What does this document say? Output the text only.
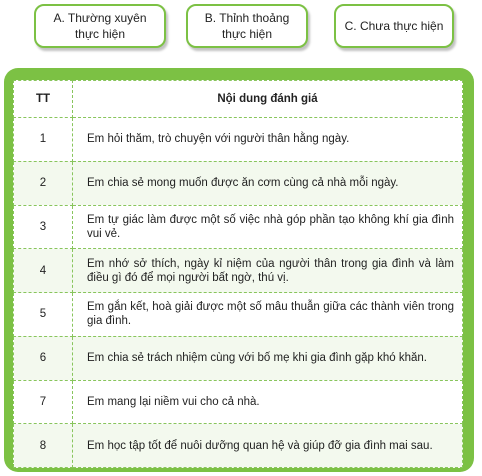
A. Thường xuyên
thực hiện
B. Thỉnh thoảng
thực hiện
C. Chưa thực hiện
TT	Nội dung đánh giá
1	Em hỏi thăm, trò chuyện với người thân hằng ngày.
2	Em chia sẻ mong muốn được ăn cơm cùng cả nhà mỗi ngày.
3	Em tự giác làm được một số việc nhà góp phần tạo không khí gia đình vui vẻ.
4	Em nhớ sở thích, ngày kỉ niệm của người thân trong gia đình và làm điều gì đó để mọi người bất ngờ, thú vị.
5	Em gắn kết, hoà giải được một số mâu thuẫn giữa các thành viên trong gia đình.
6	Em chia sẻ trách nhiệm cùng với bố mẹ khi gia đình gặp khó khăn.
7	Em mang lại niềm vui cho cả nhà.
8	Em học tập tốt để nuôi dưỡng quan hệ và giúp đỡ gia đình mai sau.
